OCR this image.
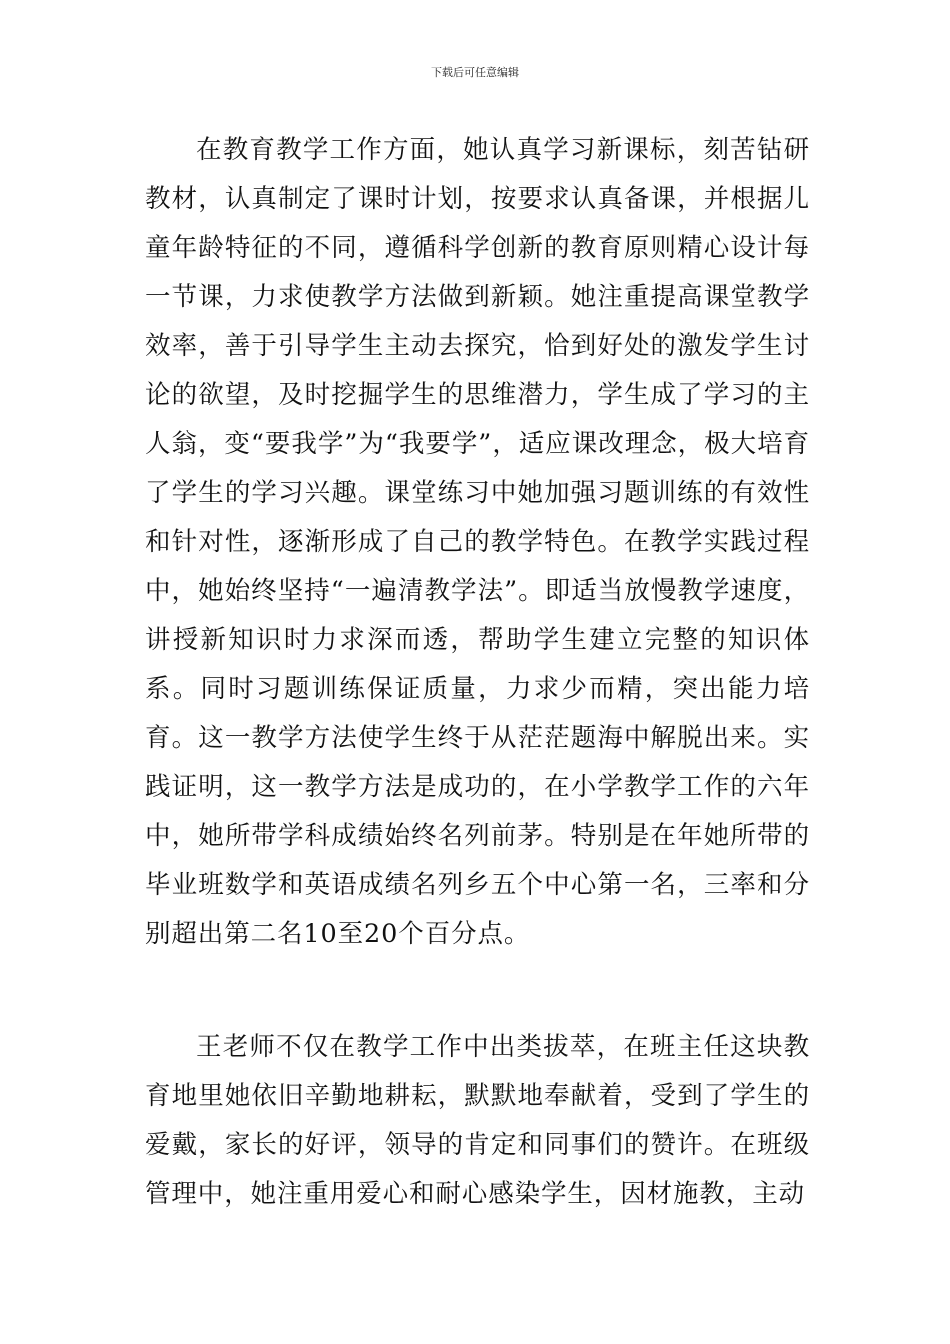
下载后可任意编辑

在教育教学工作方面，她认真学习新课标，刻苦钻研教材，认真制定了课时计划，按要求认真备课，并根据儿童年龄特征的不同，遵循科学创新的教育原则精心设计每一节课，力求使教学方法做到新颖。她注重提高课堂教学效率，善于引导学生主动去探究，恰到好处的激发学生讨论的欲望，及时挖掘学生的思维潜力，学生成了学习的主人翁，变“要我学”为“我要学”，适应课改理念，极大培育了学生的学习兴趣。课堂练习中她加强习题训练的有效性和针对性，逐渐形成了自己的教学特色。在教学实践过程中，她始终坚持“一遍清教学法”。即适当放慢教学速度，讲授新知识时力求深而透，帮助学生建立完整的知识体系。同时习题训练保证质量，力求少而精，突出能力培育。这一教学方法使学生终于从茫茫题海中解脱出来。实践证明，这一教学方法是成功的，在小学教学工作的六年中，她所带学科成绩始终名列前茅。特别是在年她所带的毕业班数学和英语成绩名列乡五个中心第一名，三率和分别超出第二名10至20个百分点。

王老师不仅在教学工作中出类拔萃，在班主任这块教育地里她依旧辛勤地耕耘，默默地奉献着，受到了学生的爱戴，家长的好评，领导的肯定和同事们的赞许。在班级管理中，她注重用爱心和耐心感染学生，因材施教，主动
